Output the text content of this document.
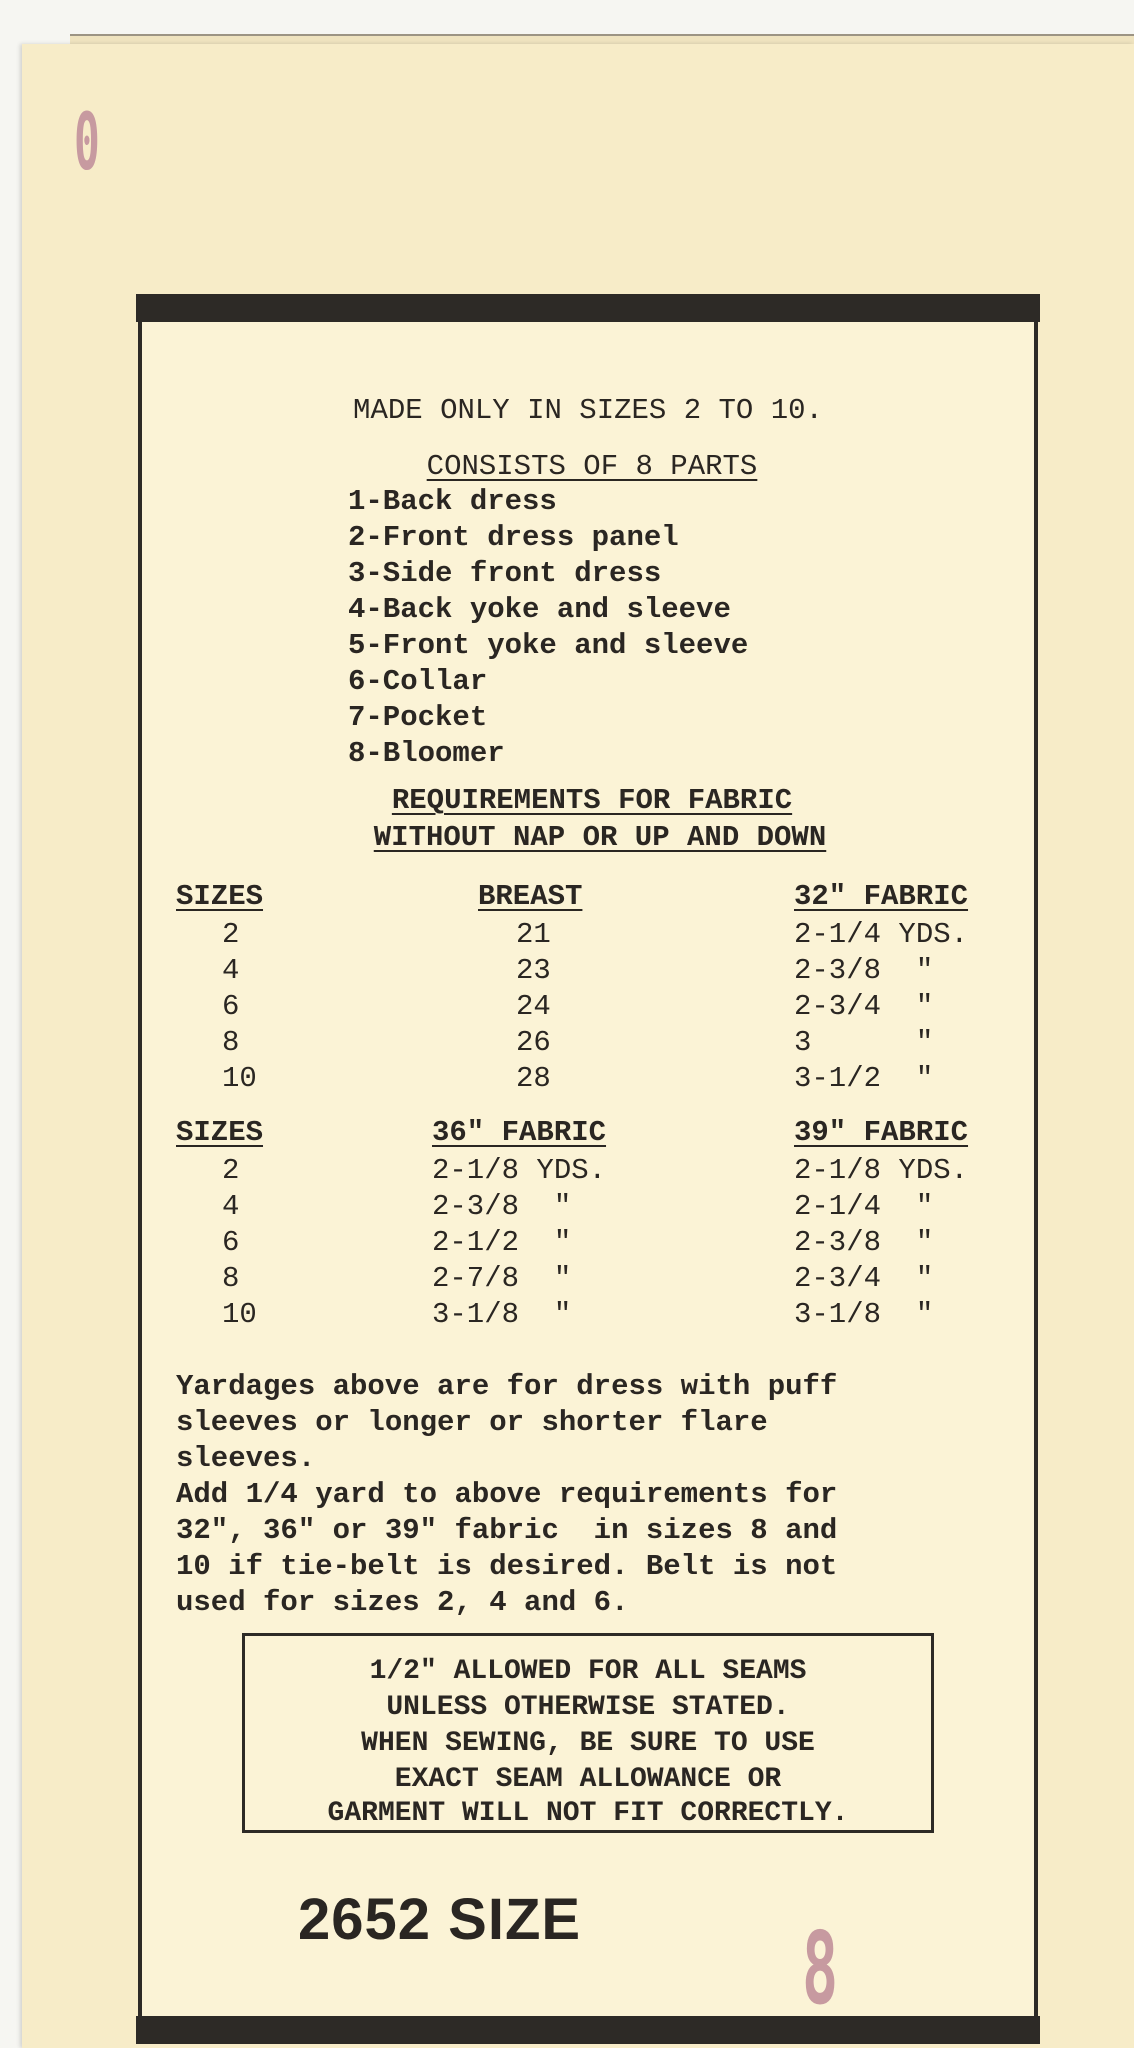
0
MADE ONLY IN SIZES 2 TO 10.
CONSISTS OF 8 PARTS
1-Back dress
2-Front dress panel
3-Side front dress
4-Back yoke and sleeve
5-Front yoke and sleeve
6-Collar
7-Pocket
8-Bloomer
REQUIREMENTS FOR FABRIC
WITHOUT NAP OR UP AND DOWN
SIZES	BREAST	32" FABRIC
2	21	2-1/4 YDS.
4	23	2-3/8  "
6	24	2-3/4  "
8	26	3      "
10	28	3-1/2  "
SIZES	36" FABRIC	39" FABRIC
2	2-1/8 YDS.	2-1/8 YDS.
4	2-3/8  "	2-1/4  "
6	2-1/2  "	2-3/8  "
8	2-7/8  "	2-3/4  "
10	3-1/8  "	3-1/8  "
Yardages above are for dress with puff
sleeves or longer or shorter flare
sleeves.
Add 1/4 yard to above requirements for
32", 36" or 39" fabric  in sizes 8 and
10 if tie-belt is desired. Belt is not
used for sizes 2, 4 and 6.
1/2" ALLOWED FOR ALL SEAMS
UNLESS OTHERWISE STATED.
WHEN SEWING, BE SURE TO USE
EXACT SEAM ALLOWANCE OR
GARMENT WILL NOT FIT CORRECTLY.
2652 SIZE 8
